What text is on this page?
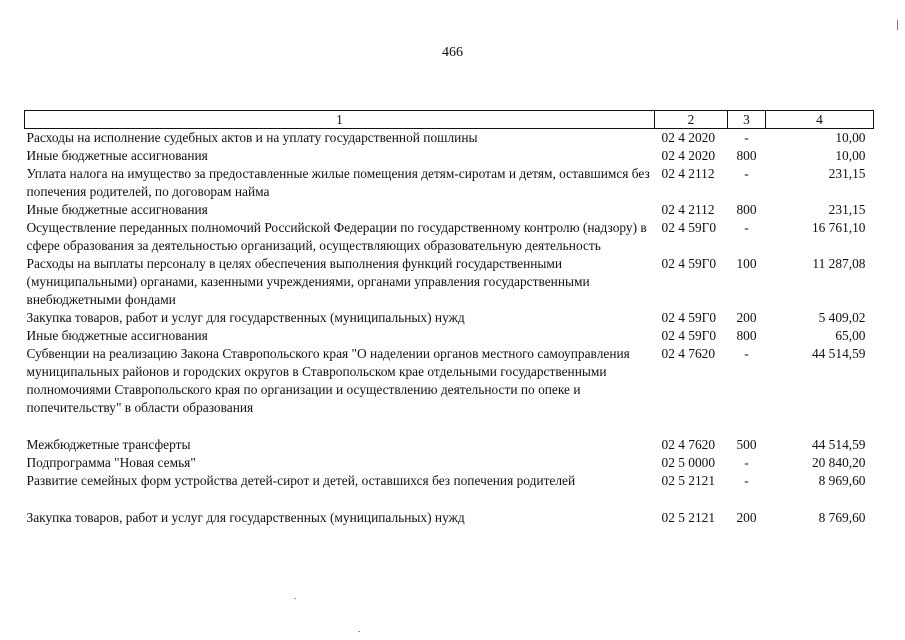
466
1	2	3	4
Расходы на исполнение судебных актов и на уплату государственной пошлины	02 4 2020	-	10,00
Иные бюджетные ассигнования	02 4 2020	800	10,00
Уплата налога на имущество за предоставленные жилые помещения детям-сиротам и детям, оставшимся без попечения родителей, по договорам найма	02 4 2112	-	231,15
Иные бюджетные ассигнования	02 4 2112	800	231,15
Осуществление переданных полномочий Российской Федерации по государственному контролю (надзору) в сфере образования за деятельностью организаций, осуществляющих образовательную деятельность	02 4 59Г0	-	16 761,10
Расходы на выплаты персоналу в целях обеспечения выполнения функций государственными (муниципальными) органами, казенными учреждениями, органами управления государственными внебюджетными фондами	02 4 59Г0	100	11 287,08
Закупка товаров, работ и услуг для государственных (муниципальных) нужд	02 4 59Г0	200	5 409,02
Иные бюджетные ассигнования	02 4 59Г0	800	65,00
Субвенции на реализацию Закона Ставропольского края "О наделении органов местного самоуправления муниципальных районов и городских округов в Ставропольском крае отдельными государственными полномочиями Ставропольского края по организации и осуществлению деятельности по опеке и попечительству" в области образования	02 4 7620	-	44 514,59
Межбюджетные трансферты	02 4 7620	500	44 514,59
Подпрограмма "Новая семья"	02 5 0000	-	20 840,20
Развитие семейных форм устройства детей-сирот и детей, оставшихся без попечения родителей	02 5 2121	-	8 969,60
Закупка товаров, работ и услуг для государственных (муниципальных) нужд	02 5 2121	200	8 769,60
